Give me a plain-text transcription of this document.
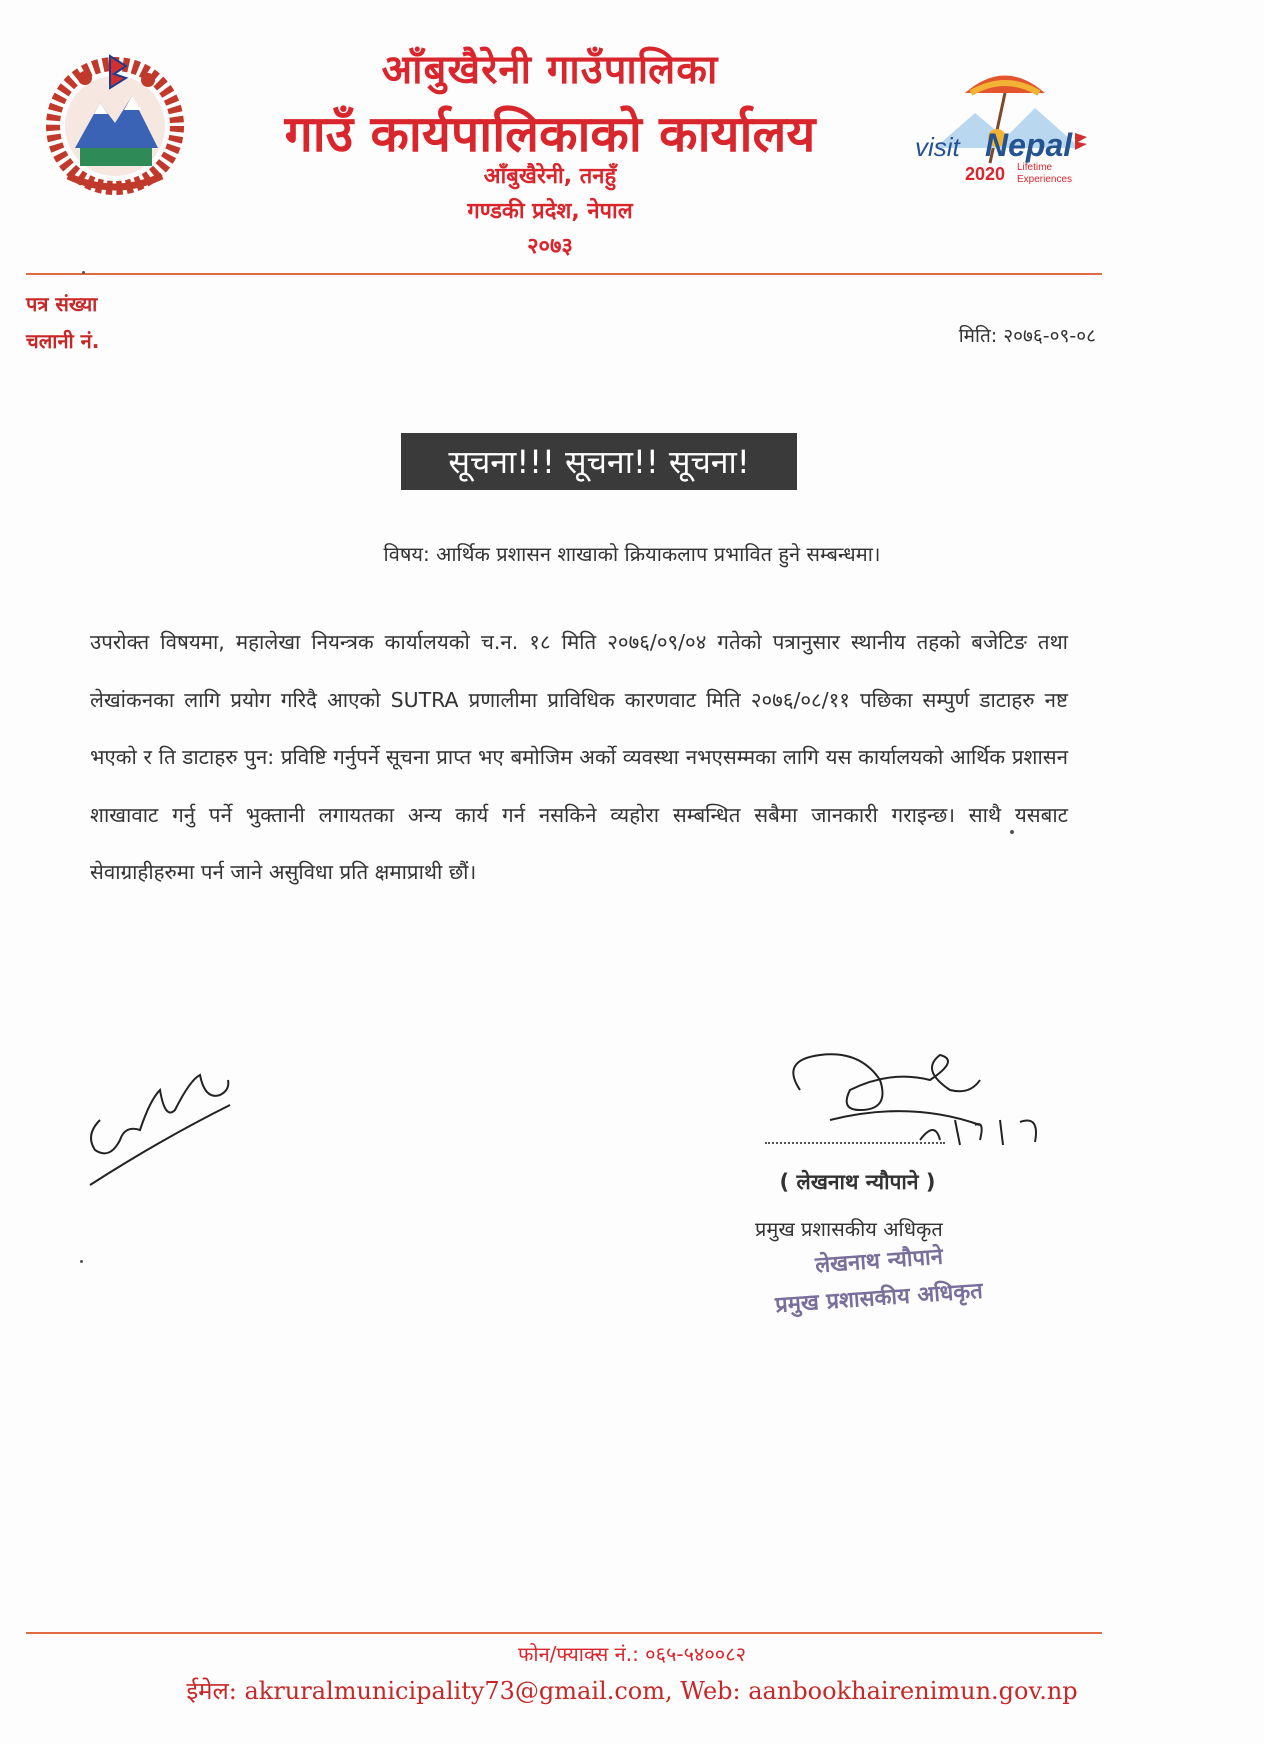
आँबुखैरेनी गाउँपालिका
गाउँ कार्यपालिकाको कार्यालय
आँबुखैरेनी, तनहुँ
गण्डकी प्रदेश, नेपाल
२०७३
visit Nepal
2020 Lifetime
Experiences
पत्र संख्या
चलानी नं.	मिति: २०७६-०९-०८
सूचना!!! सूचना!! सूचना!
विषय: आर्थिक प्रशासन शाखाको क्रियाकलाप प्रभावित हुने सम्बन्धमा।
उपरोक्त विषयमा, महालेखा नियन्त्रक कार्यालयको च.न. १८ मिति २०७६/०९/०४ गतेको पत्रानुसार स्थानीय तहको बजेटिङ तथा लेखांकनका लागि प्रयोग गरिदै आएको SUTRA प्रणालीमा प्राविधिक कारणवाट मिति २०७६/०८/११ पछिका सम्पुर्ण डाटाहरु नष्ट भएको र ति डाटाहरु पुन: प्रविष्टि गर्नुपर्ने सूचना प्राप्त भए बमोजिम अर्को व्यवस्था नभएसम्मका लागि यस कार्यालयको आर्थिक प्रशासन शाखावाट गर्नु पर्ने भुक्तानी लगायतका अन्य कार्य गर्न नसकिने व्यहोरा सम्बन्धित सबैमा जानकारी गराइन्छ। साथै यसबाट सेवाग्राहीहरुमा पर्न जाने असुविधा प्रति क्षमाप्राथी छौं।
( लेखनाथ न्यौपाने )
प्रमुख प्रशासकीय अधिकृत
लेखनाथ न्यौपाने
प्रमुख प्रशासकीय अधिकृत
फोन/फ्याक्स नं.: ०६५-५४००८२
ईमेल: akruralmunicipality73@gmail.com, Web: aanbookhairenimun.gov.np
